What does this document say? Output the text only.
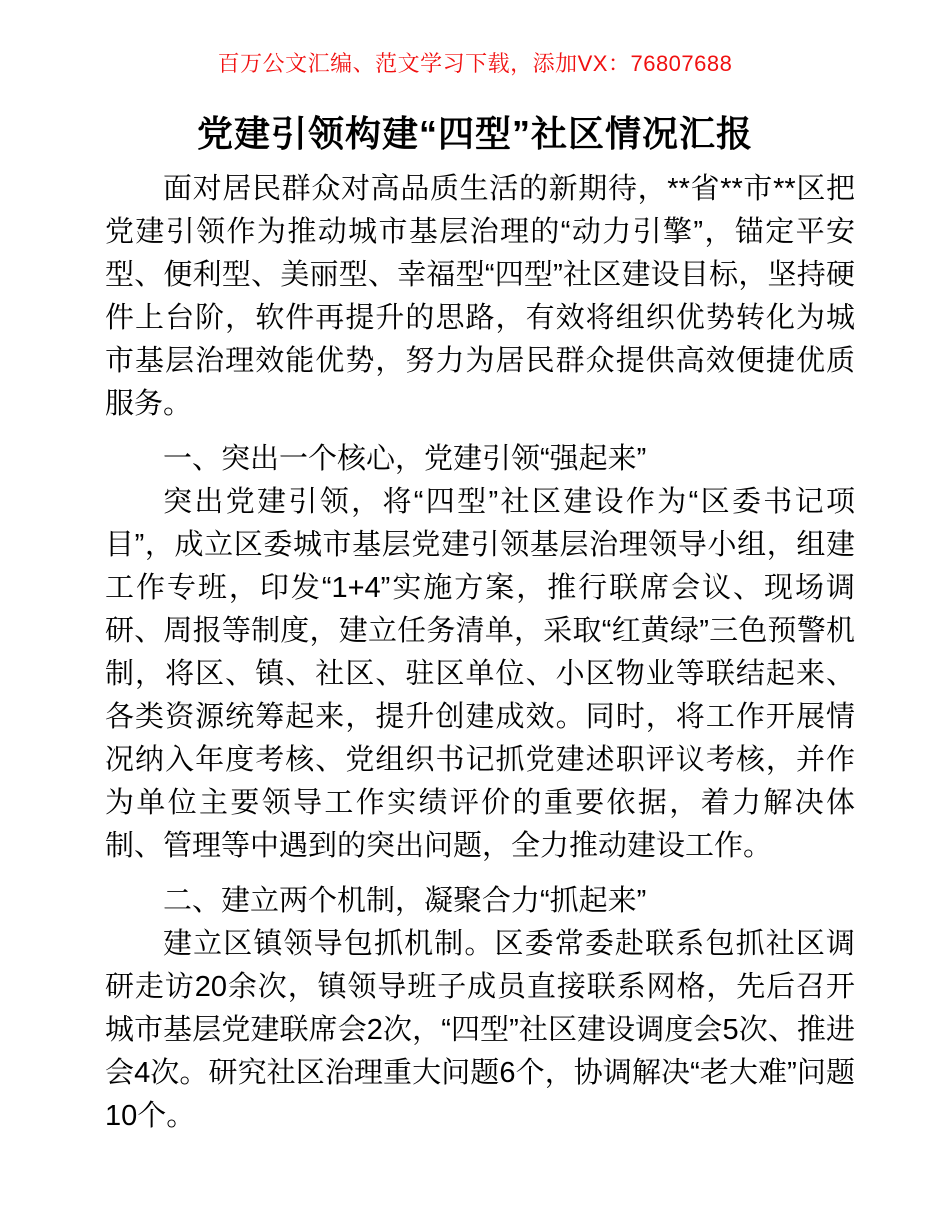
百万公文汇编、范文学习下载，添加VX：76807688
党建引领构建“四型”社区情况汇报

面对居民群众对高品质生活的新期待，**省**市**区把党建引领作为推动城市基层治理的“动力引擎”，锚定平安型、便利型、美丽型、幸福型“四型”社区建设目标，坚持硬件上台阶，软件再提升的思路，有效将组织优势转化为城市基层治理效能优势，努力为居民群众提供高效便捷优质服务。

一、突出一个核心，党建引领“强起来”

突出党建引领，将“四型”社区建设作为“区委书记项目”，成立区委城市基层党建引领基层治理领导小组，组建工作专班，印发“1+4”实施方案，推行联席会议、现场调研、周报等制度，建立任务清单，采取“红黄绿”三色预警机制，将区、镇、社区、驻区单位、小区物业等联结起来、各类资源统筹起来，提升创建成效。同时，将工作开展情况纳入年度考核、党组织书记抓党建述职评议考核，并作为单位主要领导工作实绩评价的重要依据，着力解决体制、管理等中遇到的突出问题，全力推动建设工作。

二、建立两个机制，凝聚合力“抓起来”

建立区镇领导包抓机制。区委常委赴联系包抓社区调研走访20余次，镇领导班子成员直接联系网格，先后召开城市基层党建联席会2次，“四型”社区建设调度会5次、推进会4次。研究社区治理重大问题6个，协调解决“老大难”问题10个。
